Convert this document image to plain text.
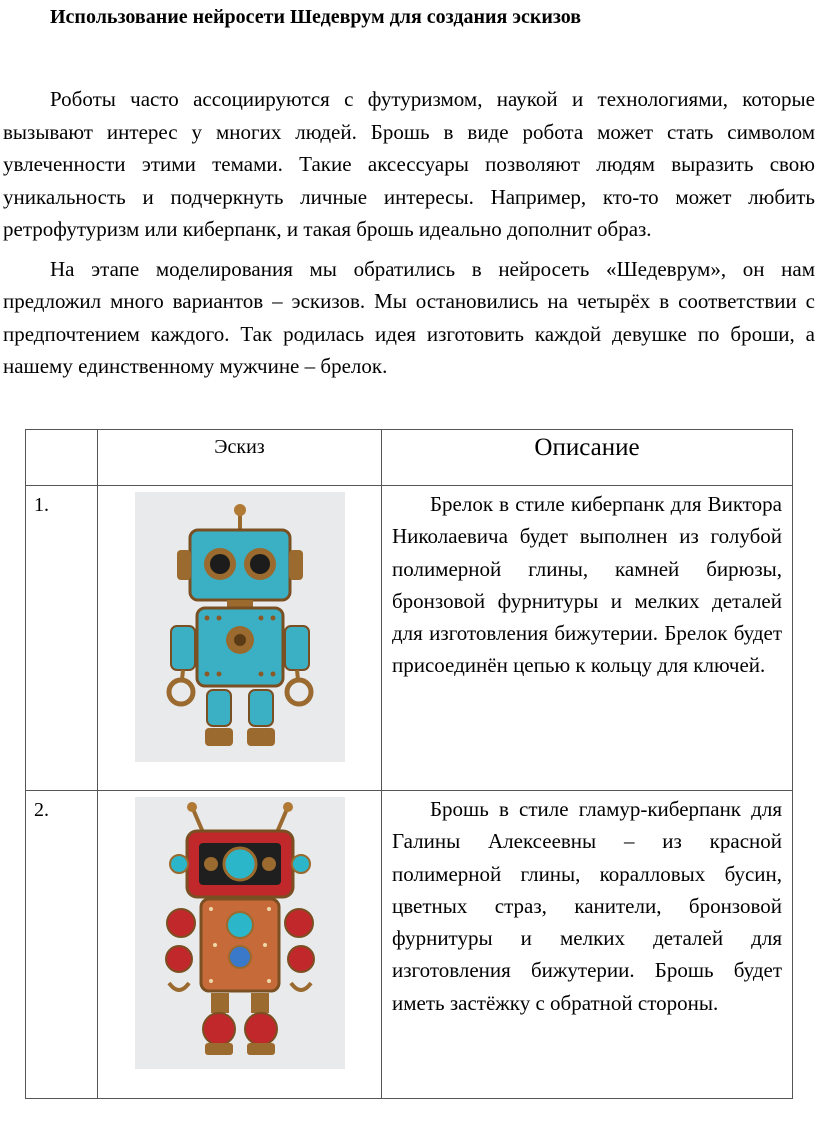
Использование нейросети Шедеврум для создания эскизов

Роботы часто ассоциируются с футуризмом, наукой и технологиями, которые вызывают интерес у многих людей. Брошь в виде робота может стать символом увлеченности этими темами. Такие аксессуары позволяют людям выразить свою уникальность и подчеркнуть личные интересы. Например, кто-то может любить ретрофутуризм или киберпанк, и такая брошь идеально дополнит образ.

На этапе моделирования мы обратились в нейросеть «Шедеврум», он нам предложил много вариантов – эскизов. Мы остановились на четырёх в соответствии с предпочтением каждого. Так родилась идея изготовить каждой девушке по броши, а нашему единственному мужчине – брелок.

	Эскиз	Описание
1.		Брелок в стиле киберпанк для Виктора Николаевича будет выполнен из голубой полимерной глины, камней бирюзы, бронзовой фурнитуры и мелких деталей для изготовления бижутерии. Брелок будет присоединён цепью к кольцу для ключей.
2.		Брошь в стиле гламур-киберпанк для Галины Алексеевны – из красной полимерной глины, коралловых бусин, цветных страз, канители, бронзовой фурнитуры и мелких деталей для изготовления бижутерии. Брошь будет иметь застёжку с обратной стороны.
